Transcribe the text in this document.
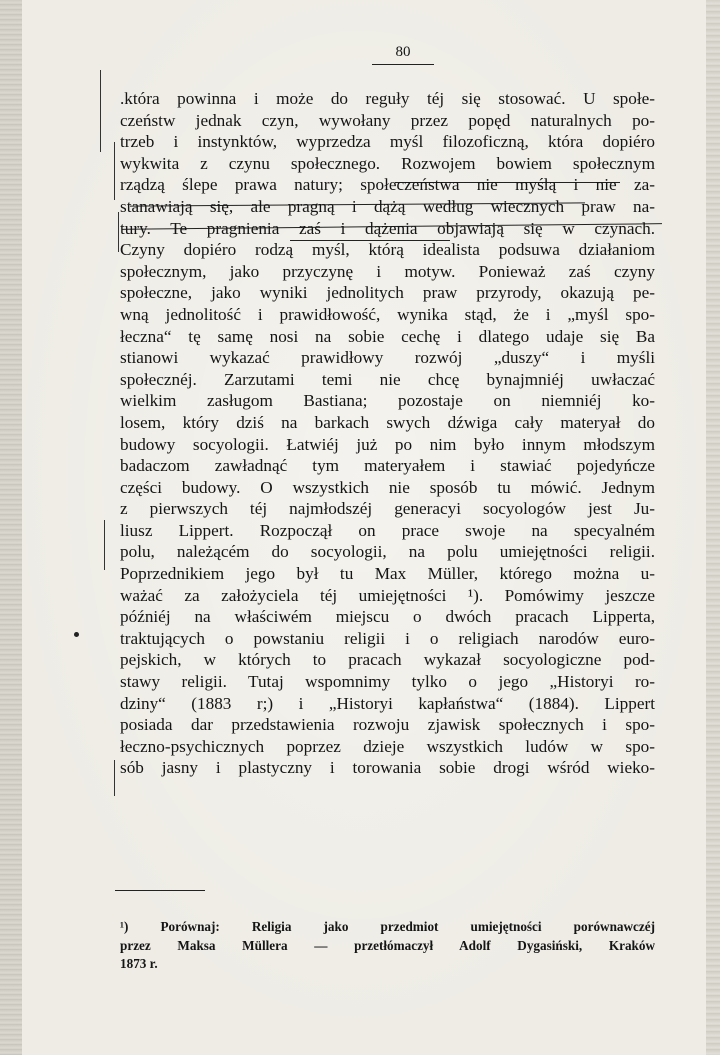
80
.która powinna i może do reguły téj się stosować. U społe-
czeństw jednak czyn, wywołany przez popęd naturalnych po-
trzeb i instynktów, wyprzedza myśl filozoficzną, która dopiéro
wykwita z czynu społecznego. Rozwojem bowiem społecznym
rządzą ślepe prawa natury; społeczeństwa nie myślą i nie za-
stanawiają się, ale pragną i dążą według wiecznych praw na-
tury. Te pragnienia zaś i dążenia objawiają się w czynach.
Czyny dopiéro rodzą myśl, którą idealista podsuwa działaniom
społecznym, jako przyczynę i motyw. Ponieważ zaś czyny
społeczne, jako wyniki jednolitych praw przyrody, okazują pe-
wną jednolitość i prawidłowość, wynika stąd, że i „myśl spo-
łeczna“ tę samę nosi na sobie cechę i dlatego udaje się Ba
stianowi wykazać prawidłowy rozwój „duszy“ i myśli
społecznéj. Zarzutami temi nie chcę bynajmniéj uwłaczać
wielkim zasługom Bastiana; pozostaje on niemniéj ko-
losem, który dziś na barkach swych dźwiga cały materyał do
budowy socyologii. Łatwiéj już po nim było innym młodszym
badaczom zawładnąć tym materyałem i stawiać pojedyńcze
części budowy. O wszystkich nie sposób tu mówić. Jednym
z pierwszych téj najmłodszéj generacyi socyologów jest Ju-
liusz Lippert. Rozpoczął on prace swoje na specyalném
polu, należącém do socyologii, na polu umiejętności religii.
Poprzednikiem jego był tu Max Müller, którego można u-
ważać za założyciela téj umiejętności ¹). Pomówimy jeszcze
późniéj na właściwém miejscu o dwóch pracach Lipperta,
traktujących o powstaniu religii i o religiach narodów euro-
pejskich, w których to pracach wykazał socyologiczne pod-
stawy religii. Tutaj wspomnimy tylko o jego „Historyi ro-
dziny“ (1883 r;) i „Historyi kapłaństwa“ (1884). Lippert
posiada dar przedstawienia rozwoju zjawisk społecznych i spo-
łeczno-psychicznych poprzez dzieje wszystkich ludów w spo-
sób jasny i plastyczny i torowania sobie drogi wśród wieko-
¹) Porównaj: Religia jako przedmiot umiejętności porównawczéj
przez Maksa Müllera — przetłómaczył Adolf Dygasiński, Kraków
1873 r.
